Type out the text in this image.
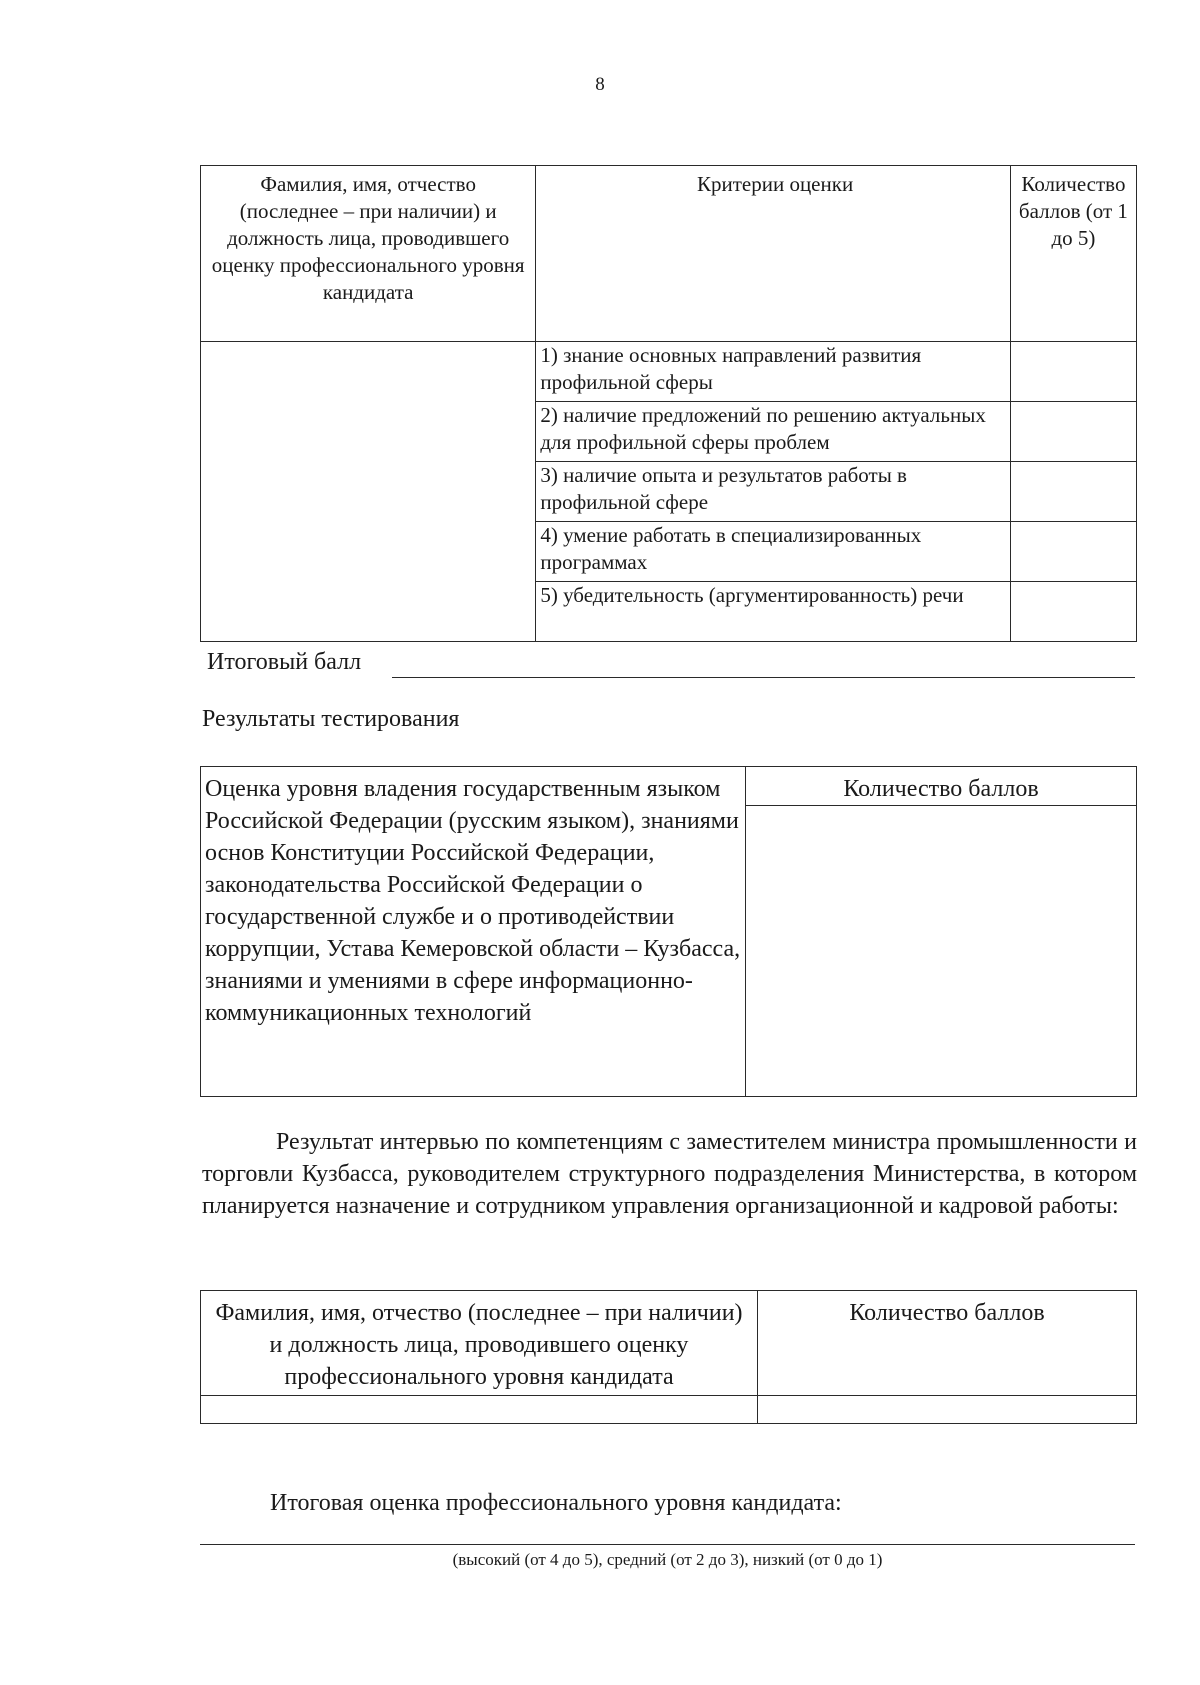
8
Фамилия, имя, отчество (последнее – при наличии) и должность лица, проводившего оценку профессионального уровня кандидата	Критерии оценки	Количество баллов (от 1 до 5)
	1) знание основных направлений развития профильной сферы	
	2) наличие предложений по решению актуальных для профильной сферы проблем	
	3) наличие опыта и результатов работы в профильной сфере	
	4) умение работать в специализированных программах	
	5) убедительность (аргументированность) речи	
Итоговый балл
Результаты тестирования
Оценка уровня владения государственным языком Российской Федерации (русским языком), знаниями основ Конституции Российской Федерации, законодательства Российской Федерации о государственной службе и о противодействии коррупции, Устава Кемеровской области – Кузбасса, знаниями и умениями в сфере информационно-коммуникационных технологий	Количество баллов

Результат интервью по компетенциям с заместителем министра промышленности и торговли Кузбасса, руководителем структурного подразделения Министерства, в котором планируется назначение и сотрудником управления организационной и кадровой работы:
Фамилия, имя, отчество (последнее – при наличии) и должность лица, проводившего оценку профессионального уровня кандидата	Количество баллов

Итоговая оценка профессионального уровня кандидата:
(высокий (от 4 до 5), средний (от 2 до 3), низкий (от 0 до 1)
